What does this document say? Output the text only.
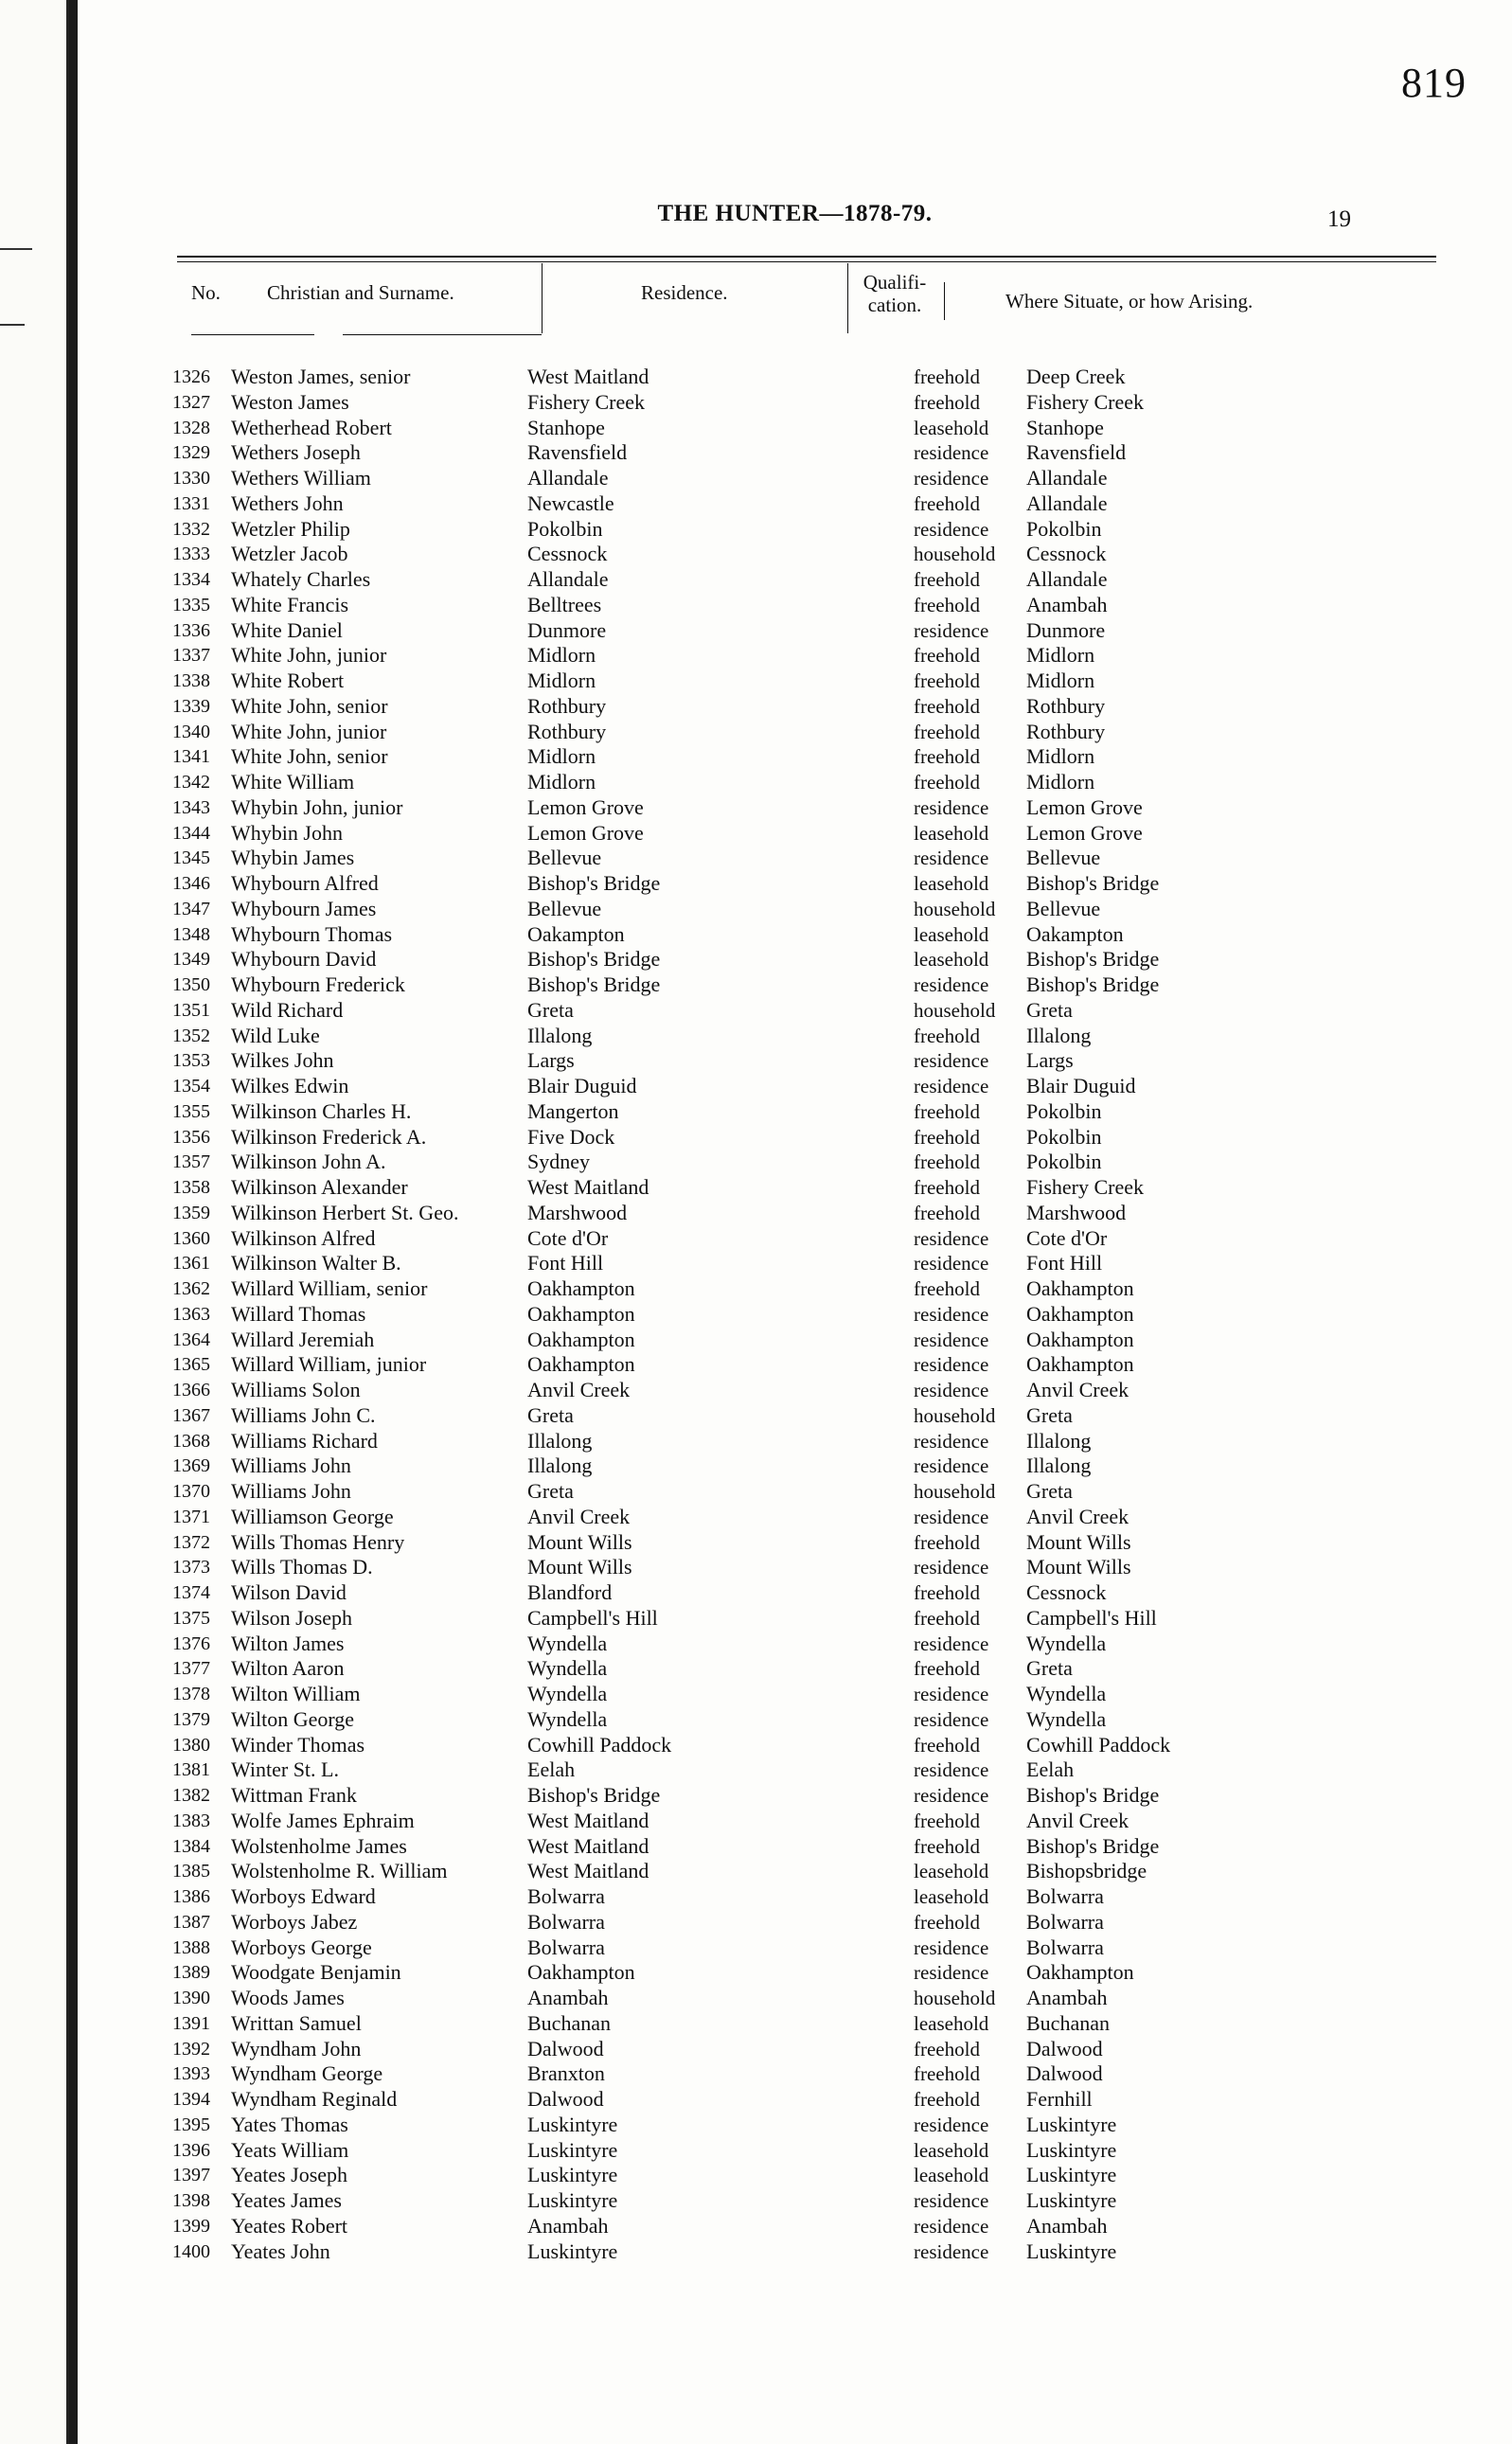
819
THE HUNTER—1878-79.	19
No. Christian and Surname.	Residence.	Qualifi-
cation.	Where Situate, or how Arising.
1326 Weston James, senior	West Maitland	freehold Deep Creek
1327 Weston James	Fishery Creek	freehold Fishery Creek
1328 Wetherhead Robert	Stanhope	leasehold Stanhope
1329 Wethers Joseph	Ravensfield	residence Ravensfield
1330 Wethers William	Allandale	residence Allandale
1331 Wethers John	Newcastle	freehold Allandale
1332 Wetzler Philip	Pokolbin	residence Pokolbin
1333 Wetzler Jacob	Cessnock	household Cessnock
1334 Whately Charles	Allandale	freehold Allandale
1335 White Francis	Belltrees	freehold Anambah
1336 White Daniel	Dunmore	residence Dunmore
1337 White John, junior	Midlorn	freehold Midlorn
1338 White Robert	Midlorn	freehold Midlorn
1339 White John, senior	Rothbury	freehold Rothbury
1340 White John, junior	Rothbury	freehold Rothbury
1341 White John, senior	Midlorn	freehold Midlorn
1342 White William	Midlorn	freehold Midlorn
1343 Whybin John, junior	Lemon Grove	residence Lemon Grove
1344 Whybin John	Lemon Grove	leasehold Lemon Grove
1345 Whybin James	Bellevue	residence Bellevue
1346 Whybourn Alfred	Bishop's Bridge	leasehold Bishop's Bridge
1347 Whybourn James	Bellevue	household Bellevue
1348 Whybourn Thomas	Oakampton	leasehold Oakampton
1349 Whybourn David	Bishop's Bridge	leasehold Bishop's Bridge
1350 Whybourn Frederick	Bishop's Bridge	residence Bishop's Bridge
1351 Wild Richard	Greta	household Greta
1352 Wild Luke	Illalong	freehold Illalong
1353 Wilkes John	Largs	residence Largs
1354 Wilkes Edwin	Blair Duguid	residence Blair Duguid
1355 Wilkinson Charles H.	Mangerton	freehold Pokolbin
1356 Wilkinson Frederick A.	Five Dock	freehold Pokolbin
1357 Wilkinson John A.	Sydney	freehold Pokolbin
1358 Wilkinson Alexander	West Maitland	freehold Fishery Creek
1359 Wilkinson Herbert St. Geo.	Marshwood	freehold Marshwood
1360 Wilkinson Alfred	Cote d'Or	residence Cote d'Or
1361 Wilkinson Walter B.	Font Hill	residence Font Hill
1362 Willard William, senior	Oakhampton	freehold Oakhampton
1363 Willard Thomas	Oakhampton	residence Oakhampton
1364 Willard Jeremiah	Oakhampton	residence Oakhampton
1365 Willard William, junior	Oakhampton	residence Oakhampton
1366 Williams Solon	Anvil Creek	residence Anvil Creek
1367 Williams John C.	Greta	household Greta
1368 Williams Richard	Illalong	residence Illalong
1369 Williams John	Illalong	residence Illalong
1370 Williams John	Greta	household Greta
1371 Williamson George	Anvil Creek	residence Anvil Creek
1372 Wills Thomas Henry	Mount Wills	freehold Mount Wills
1373 Wills Thomas D.	Mount Wills	residence Mount Wills
1374 Wilson David	Blandford	freehold Cessnock
1375 Wilson Joseph	Campbell's Hill	freehold Campbell's Hill
1376 Wilton James	Wyndella	residence Wyndella
1377 Wilton Aaron	Wyndella	freehold Greta
1378 Wilton William	Wyndella	residence Wyndella
1379 Wilton George	Wyndella	residence Wyndella
1380 Winder Thomas	Cowhill Paddock	freehold Cowhill Paddock
1381 Winter St. L.	Eelah	residence Eelah
1382 Wittman Frank	Bishop's Bridge	residence Bishop's Bridge
1383 Wolfe James Ephraim	West Maitland	freehold Anvil Creek
1384 Wolstenholme James	West Maitland	freehold Bishop's Bridge
1385 Wolstenholme R. William	West Maitland	leasehold Bishopsbridge
1386 Worboys Edward	Bolwarra	leasehold Bolwarra
1387 Worboys Jabez	Bolwarra	freehold Bolwarra
1388 Worboys George	Bolwarra	residence Bolwarra
1389 Woodgate Benjamin	Oakhampton	residence Oakhampton
1390 Woods James	Anambah	household Anambah
1391 Writtan Samuel	Buchanan	leasehold Buchanan
1392 Wyndham John	Dalwood	freehold Dalwood
1393 Wyndham George	Branxton	freehold Dalwood
1394 Wyndham Reginald	Dalwood	freehold Fernhill
1395 Yates Thomas	Luskintyre	residence Luskintyre
1396 Yeats William	Luskintyre	leasehold Luskintyre
1397 Yeates Joseph	Luskintyre	leasehold Luskintyre
1398 Yeates James	Luskintyre	residence Luskintyre
1399 Yeates Robert	Anambah	residence Anambah
1400 Yeates John	Luskintyre	residence Luskintyre
